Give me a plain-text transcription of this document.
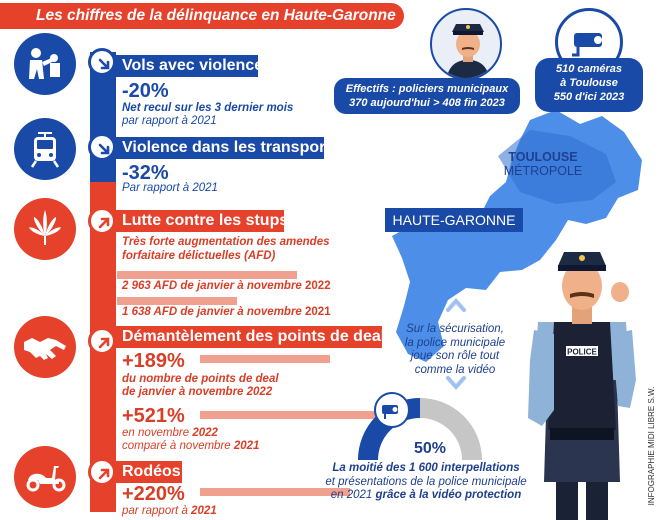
Les chiffres de la délinquance en Haute-Garonne
Vols avec violence
-20%
Net recul sur les 3 dernier mois
par rapport à 2021
Violence dans les transports
-32%
Par rapport à 2021
Lutte contre les stups
Très forte augmentation des amendes
forfaitaire délictuelles (AFD)
2 963 AFD de janvier à novembre 2022
1 638 AFD de janvier à novembre 2021
Démantèlement des points de deals
+189%
du nombre de points de deal
de janvier à novembre 2022
+521%
en novembre 2022
comparé à novembre 2021
Rodéos
+220%
par rapport à 2021
HAUTE-GARONNE
TOULOUSE
MÉTROPOLE
Effectifs : policiers municipaux
370 aujourd'hui > 408 fin 2023
510 caméras
à Toulouse
550 d'ici 2023
Sur la sécurisation,
la police municipale
joue son rôle tout
comme la vidéo
POLICE
50%
La moitié des 1 600 interpellations
et présentations de la police municipale
en 2021 grâce à la vidéo protection	INFOGRAPHIE MIDI LIBRE S.W.
